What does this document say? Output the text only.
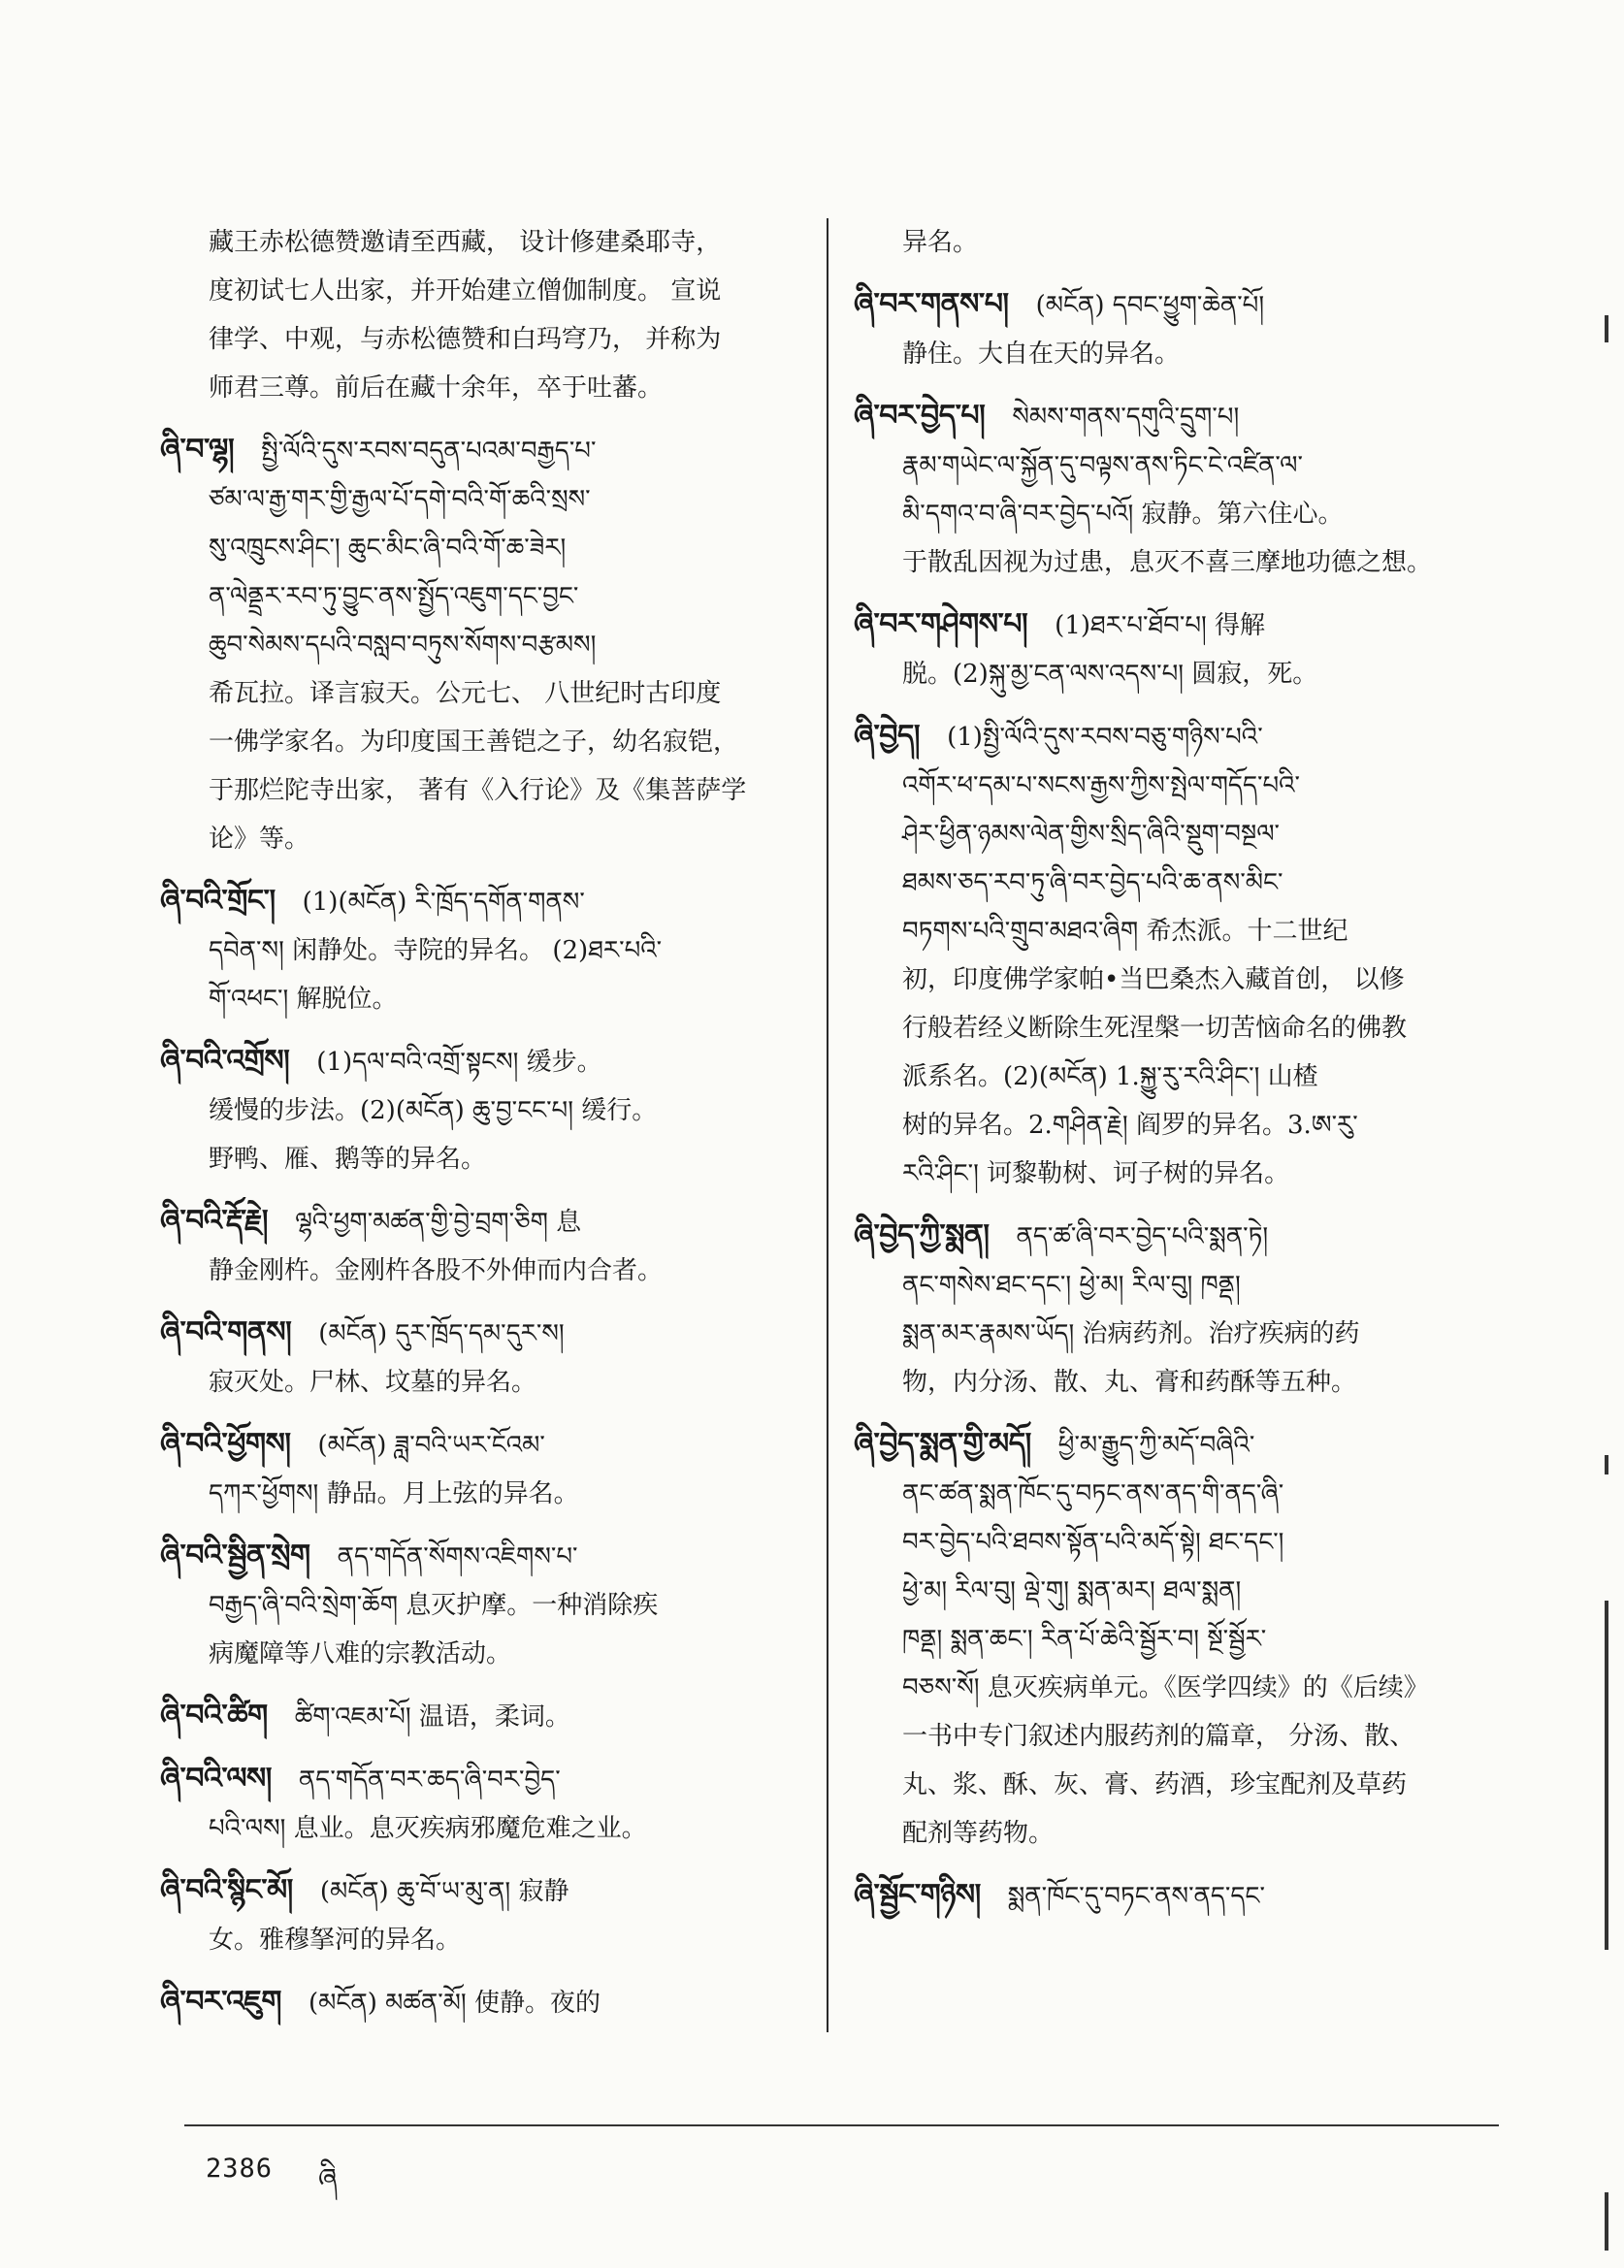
藏王赤松德赞邀请至西藏， 设计修建桑耶寺，
度初试七人出家，并开始建立僧伽制度。 宣说
律学、中观，与赤松德赞和白玛穹乃， 并称为
师君三尊。前后在藏十余年，卒于吐蕃。
ཞི་བ་ལྷ། སྤྱི་ལོའི་དུས་རབས་བདུན་པའམ་བརྒྱད་པ་
ཙམ་ལ་རྒྱ་གར་གྱི་རྒྱལ་པོ་དགེ་བའི་གོ་ཆའི་སྲས་
སུ་འཁྲུངས་ཤིང་། ཆུང་མིང་ཞི་བའི་གོ་ཆ་ཟེར།
ན་ལེནྡྲར་རབ་ཏུ་བྱུང་ནས་སྤྱོད་འཇུག་དང་བྱང་
ཆུབ་སེམས་དཔའི་བསླབ་བཏུས་སོགས་བརྩམས།
希瓦拉。译言寂天。公元七、 八世纪时古印度
一佛学家名。为印度国王善铠之子，幼名寂铠，
于那烂陀寺出家， 著有《入行论》及《集菩萨学
论》等。
ཞི་བའི་གྲོང་། (1)(མངོན) རི་ཁྲོད་དགོན་གནས་
དབེན་ས། 闲静处。寺院的异名。 (2)ཐར་པའི་
གོ་འཕང་། 解脱位。
ཞི་བའི་འགྲོས། (1)དལ་བའི་འགྲོ་སྟངས། 缓步。
缓慢的步法。(2)(མངོན) ཆུ་བྱ་ངང་པ། 缓行。
野鸭、雁、鹅等的异名。
ཞི་བའི་རྡོ་རྗེ། ལྷའི་ཕྱག་མཚན་གྱི་བྱེ་བྲག་ཅིག 息
静金刚杵。金刚杵各股不外伸而内合者。
ཞི་བའི་གནས། (མངོན) དུར་ཁྲོད་དམ་དུར་ས།
寂灭处。尸林、坟墓的异名。
ཞི་བའི་ཕྱོགས། (མངོན) ཟླ་བའི་ཡར་ངོའམ་
དཀར་ཕྱོགས། 静品。月上弦的异名。
ཞི་བའི་སྦྱིན་སྲེག ནད་གདོན་སོགས་འཇིགས་པ་
བརྒྱད་ཞི་བའི་སྲེག་ཆོག 息灭护摩。一种消除疾
病魔障等八难的宗教活动。
ཞི་བའི་ཚིག ཚིག་འཇམ་པོ། 温语，柔词。
ཞི་བའི་ལས། ནད་གདོན་བར་ཆད་ཞི་བར་བྱེད་
པའི་ལས། 息业。息灭疾病邪魔危难之业。
ཞི་བའི་སྙིང་མོ། (མངོན) ཆུ་བོ་ཡ་མུ་ན། 寂静
女。雅穆拏河的异名。
ཞི་བར་འཇུག (མངོན) མཚན་མོ། 使静。夜的
异名。
ཞི་བར་གནས་པ། (མངོན) དབང་ཕྱུག་ཆེན་པོ།
静住。大自在天的异名。
ཞི་བར་བྱེད་པ། སེམས་གནས་དགུའི་དྲུག་པ།
རྣམ་གཡེང་ལ་སྐྱོན་དུ་བལྟས་ནས་ཏིང་ངེ་འཛིན་ལ་
མི་དགའ་བ་ཞི་བར་བྱེད་པའོ། 寂静。第六住心。
于散乱因视为过患，息灭不喜三摩地功德之想。
ཞི་བར་གཤེགས་པ། (1)ཐར་པ་ཐོབ་པ། 得解
脱。(2)སྐུ་མྱ་ངན་ལས་འདས་པ། 圆寂，死。
ཞི་བྱེད། (1)སྤྱི་ལོའི་དུས་རབས་བཅུ་གཉིས་པའི་
འགོར་ཕ་དམ་པ་སངས་རྒྱས་ཀྱིས་སྤེལ་གདོད་པའི་
ཤེར་ཕྱིན་ཉམས་ལེན་གྱིས་སྲིད་ཞིའི་སྡུག་བསྔལ་
ཐམས་ཅད་རབ་ཏུ་ཞི་བར་བྱེད་པའི་ཆ་ནས་མིང་
བཏགས་པའི་གྲུབ་མཐའ་ཞིག 希杰派。十二世纪
初，印度佛学家帕•当巴桑杰入藏首创， 以修
行般若经义断除生死涅槃一切苦恼命名的佛教
派系名。(2)(མངོན) 1.སྐྱུ་རུ་རའི་ཤིང་། 山楂
树的异名。2.གཤིན་རྗེ། 阎罗的异名。3.ཨ་རུ་
རའི་ཤིང་། 诃黎勒树、诃子树的异名。
ཞི་བྱེད་ཀྱི་སྨན། ནད་ཚ་ཞི་བར་བྱེད་པའི་སྨན་ཏེ།
ནང་གསེས་ཐང་དང་། ཕྱེ་མ། རིལ་བུ། ཁནྡ།
སྨན་མར་རྣམས་ཡོད། 治病药剂。治疗疾病的药
物，内分汤、散、丸、膏和药酥等五种。
ཞི་བྱེད་སྨན་གྱི་མདོ། ཕྱི་མ་རྒྱུད་ཀྱི་མདོ་བཞིའི་
ནང་ཚན་སྨན་ཁོང་དུ་བཏང་ནས་ནད་གི་ནད་ཞི་
བར་བྱེད་པའི་ཐབས་སྟོན་པའི་མདོ་སྟེ། ཐང་དང་།
ཕྱེ་མ། རིལ་བུ། ལྡེ་གུ། སྨན་མར། ཐལ་སྨན།
ཁནྡ། སྨན་ཆང་། རིན་པོ་ཆེའི་སྦྱོར་བ། སྔོ་སྦྱོར་
བཅས་སོ། 息灭疾病单元。《医学四续》的《后续》
一书中专门叙述内服药剂的篇章， 分汤、散、
丸、浆、酥、灰、膏、药酒，珍宝配剂及草药
配剂等药物。
ཞི་སྦྱོང་གཉིས། སྨན་ཁོང་དུ་བཏང་ནས་ནད་དང་
2386 ཞི
